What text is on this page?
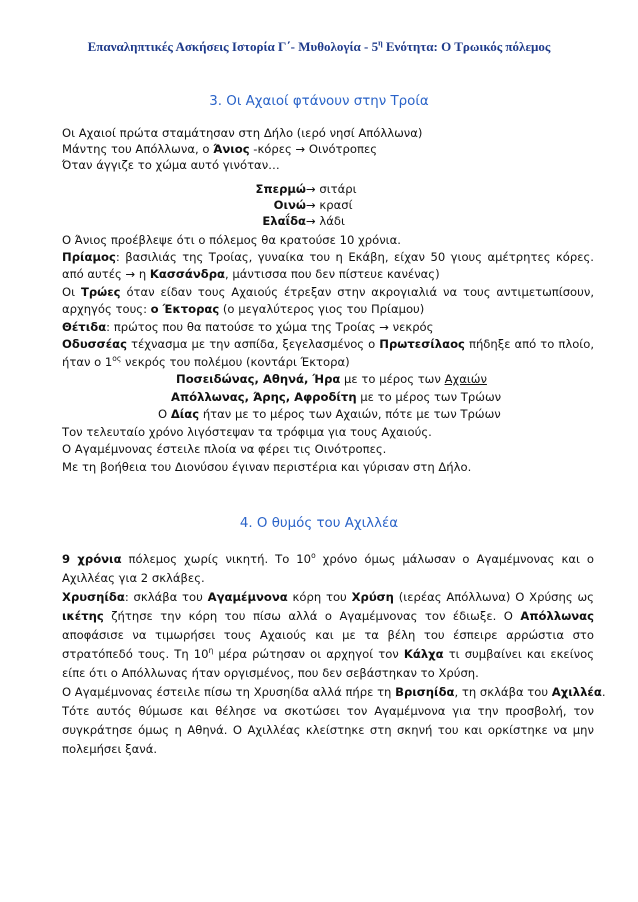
Επαναληπτικές Ασκήσεις Ιστορία Γ΄- Μυθολογία - $5^\eta$ Ενότητα: Ο Τρωικός πόλεμος
3. Οι Αχαιοί φτάνουν στην Τροία
Οι Αχαιοί πρώτα σταμάτησαν στη Δήλο (ιερό νησί Απόλλωνα)
Μάντης του Απόλλωνα, ο Άνιος -κόρες → Οινότροπες
Όταν άγγιζε το χώμα αυτό γινόταν…
Σπερμώ → σιτάρι
Οινώ → κρασί
Ελαΐδα → λάδι
Ο Άνιος προέβλεψε ότι ο πόλεμος θα κρατούσε 10 χρόνια.
Πρίαμος: βασιλιάς της Τροίας, γυναίκα του η Εκάβη, είχαν 50 γιους αμέτρητες κόρες.
από αυτές → η Κασσάνδρα, μάντισσα που δεν πίστευε κανένας)
Οι Τρώες όταν είδαν τους Αχαιούς έτρεξαν στην ακρογιαλιά να τους αντιμετωπίσουν,
αρχηγός τους: ο Έκτορας (ο μεγαλύτερος γιος του Πρίαμου)
Θέτιδα: πρώτος που θα πατούσε το χώμα της Τροίας → νεκρός
Οδυσσέας τέχνασμα με την ασπίδα, ξεγελασμένος ο Πρωτεσίλαος πήδηξε από το πλοίο,
ήταν ο $1^{o\varsigma}$ νεκρός του πολέμου (κοντάρι Έκτορα)
Ποσειδώνας, Αθηνά, Ήρα με το μέρος των Αχαιών
Απόλλωνας, Άρης, Αφροδίτη με το μέρος των Τρώων
Ο Δίας ήταν με το μέρος των Αχαιών, πότε με των Τρώων
Τον τελευταίο χρόνο λιγόστεψαν τα τρόφιμα για τους Αχαιούς.
Ο Αγαμέμνονας έστειλε πλοία να φέρει τις Οινότροπες.
Με τη βοήθεια του Διονύσου έγιναν περιστέρια και γύρισαν στη Δήλο.
4. Ο θυμός του Αχιλλέα
9 χρόνια πόλεμος χωρίς νικητή. Το $10^o$ χρόνο όμως μάλωσαν ο Αγαμέμνονας και ο
Αχιλλέας για 2 σκλάβες.
Χρυσηίδα: σκλάβα του Αγαμέμνονα κόρη του Χρύση (ιερέας Απόλλωνα) Ο Χρύσης ως
ικέτης ζήτησε την κόρη του πίσω αλλά ο Αγαμέμνονας τον έδιωξε. Ο Απόλλωνας
αποφάσισε να τιμωρήσει τους Αχαιούς και με τα βέλη του έσπειρε αρρώστια στο
στρατόπεδό τους. Τη $10^\eta$ μέρα ρώτησαν οι αρχηγοί τον Κάλχα τι συμβαίνει και εκείνος
είπε ότι ο Απόλλωνας ήταν οργισμένος, που δεν σεβάστηκαν το Χρύση.
Ο Αγαμέμνονας έστειλε πίσω τη Χρυσηίδα αλλά πήρε τη Βρισηίδα, τη σκλάβα του Αχιλλέα.
Τότε αυτός θύμωσε και θέλησε να σκοτώσει τον Αγαμέμνονα για την προσβολή, τον
συγκράτησε όμως η Αθηνά. Ο Αχιλλέας κλείστηκε στη σκηνή του και ορκίστηκε να μην
πολεμήσει ξανά.
